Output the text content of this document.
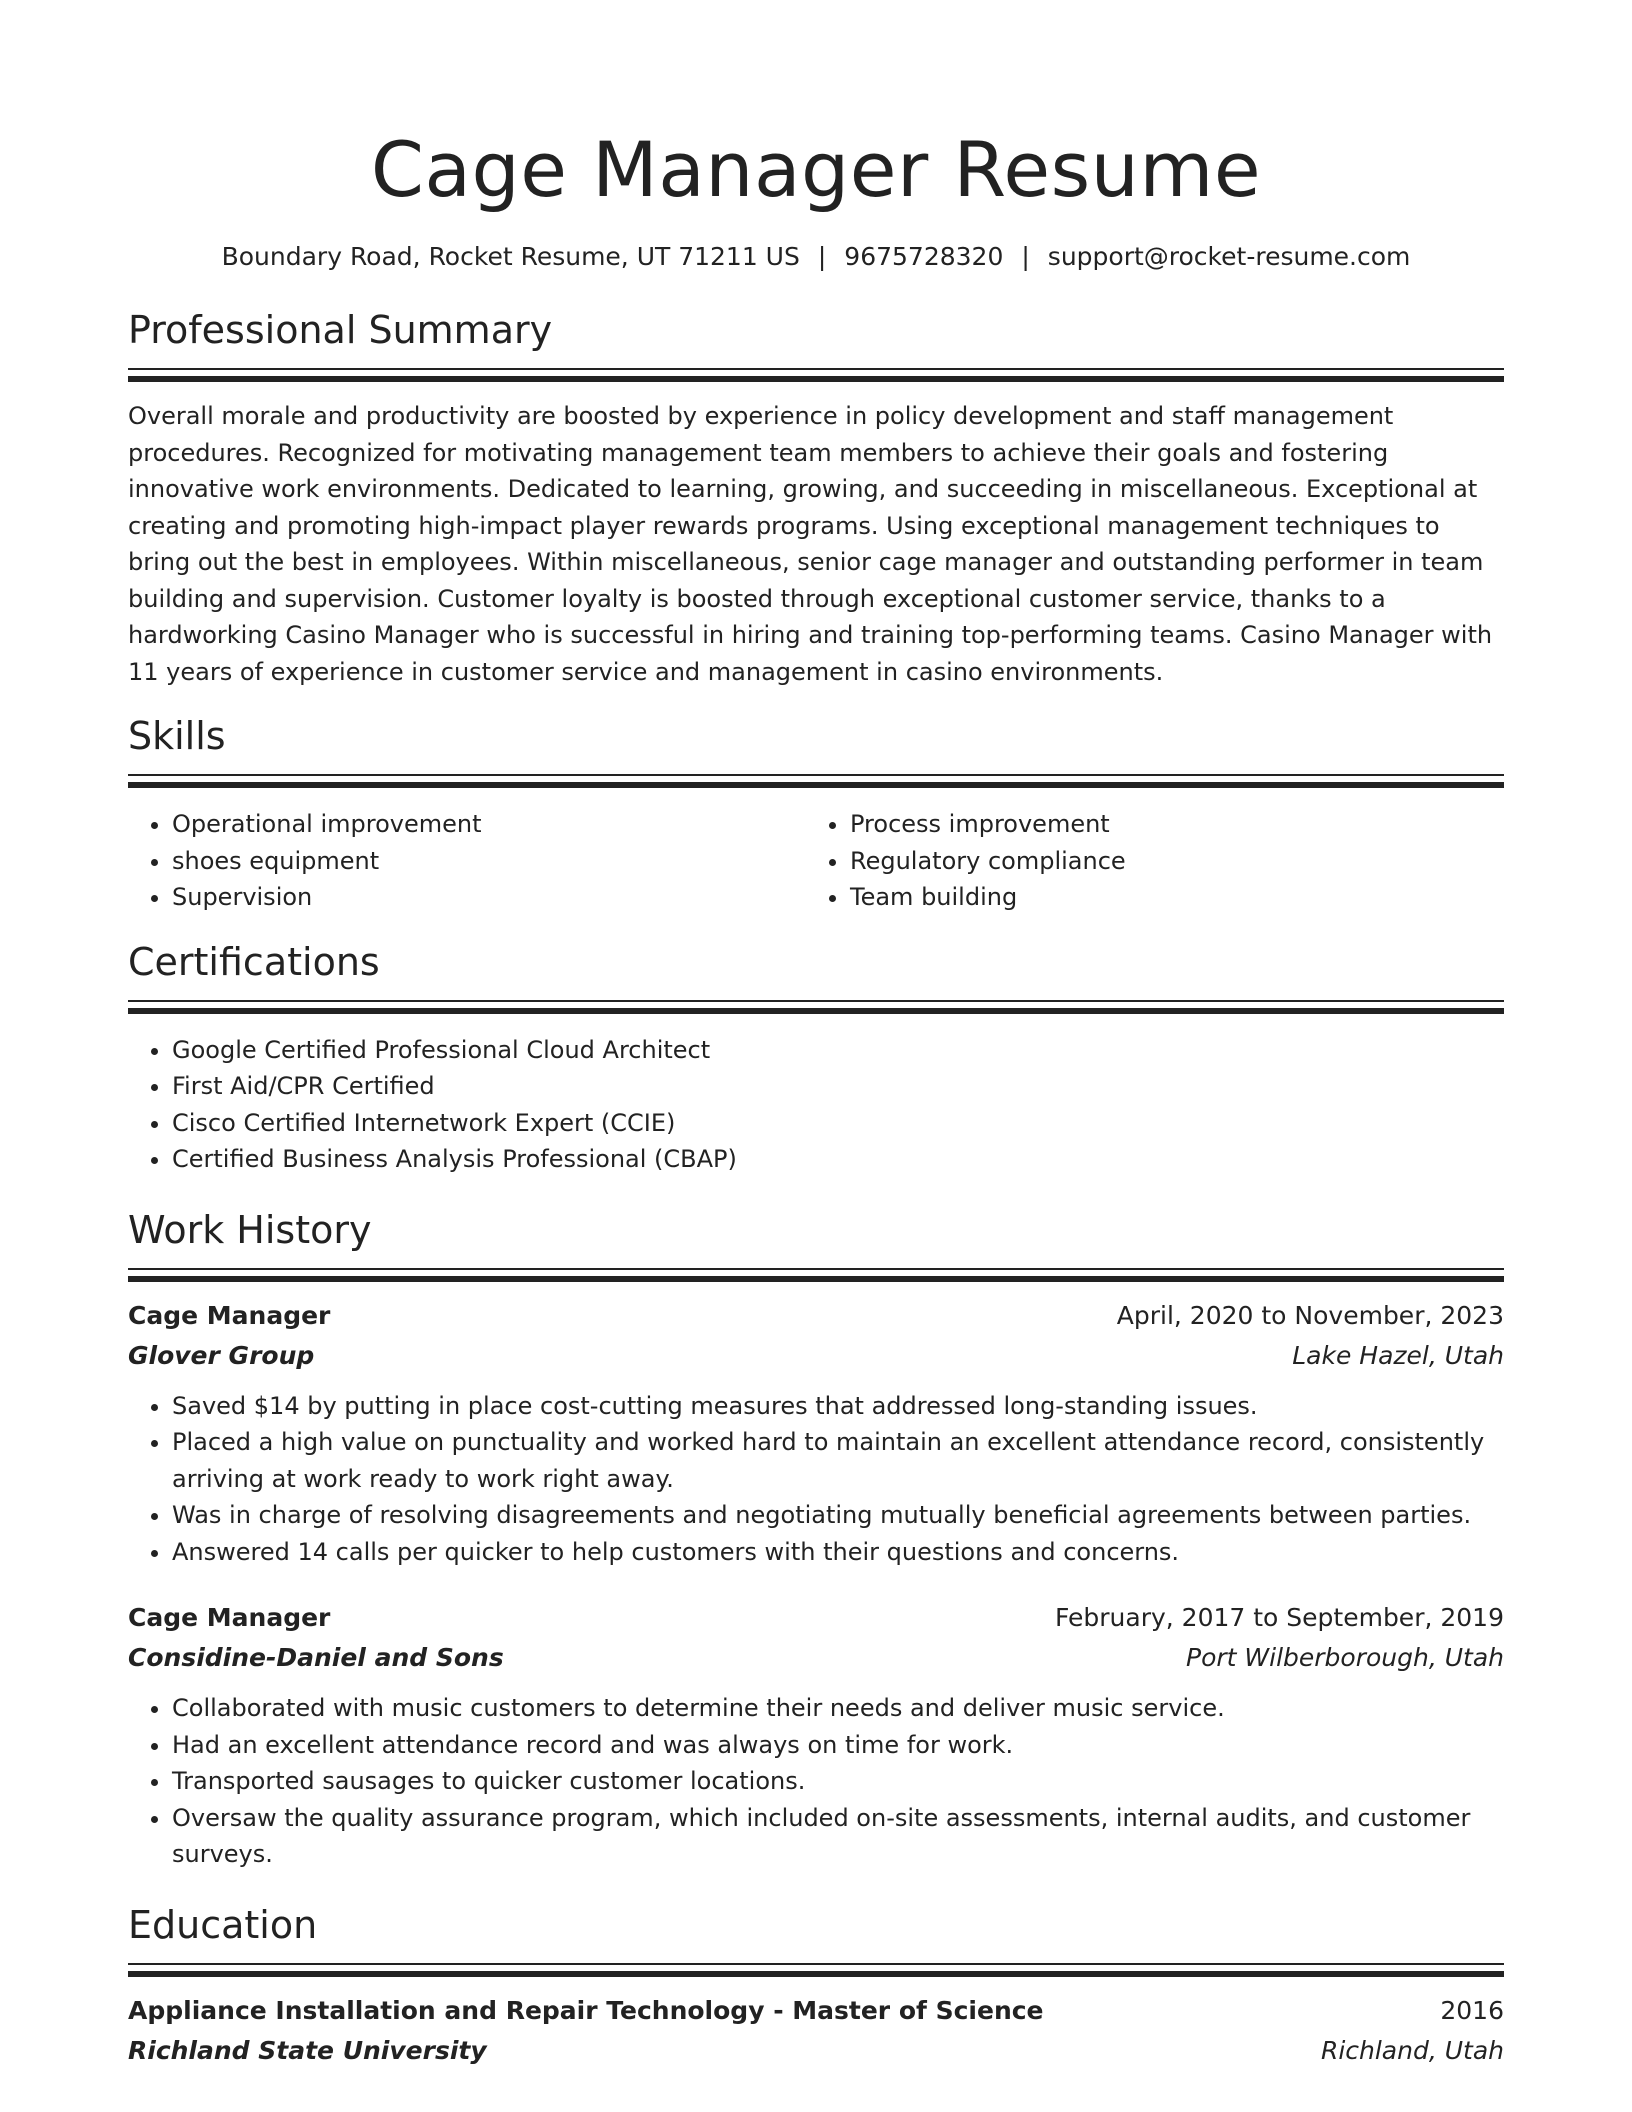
Cage Manager Resume
Boundary Road, Rocket Resume, UT 71211 US | 9675728320 | support@rocket-resume.com
Professional Summary
Overall morale and productivity are boosted by experience in policy development and staff management procedures. Recognized for motivating management team members to achieve their goals and fostering innovative work environments. Dedicated to learning, growing, and succeeding in miscellaneous. Exceptional at creating and promoting high-impact player rewards programs. Using exceptional management techniques to bring out the best in employees. Within miscellaneous, senior cage manager and outstanding performer in team building and supervision. Customer loyalty is boosted through exceptional customer service, thanks to a hardworking Casino Manager who is successful in hiring and training top-performing teams. Casino Manager with 11 years of experience in customer service and management in casino environments.
Skills
• Operational improvement
• shoes equipment
• Supervision
• Process improvement
• Regulatory compliance
• Team building
Certifications
• Google Certified Professional Cloud Architect
• First Aid/CPR Certified
• Cisco Certified Internetwork Expert (CCIE)
• Certified Business Analysis Professional (CBAP)
Work History
Cage Manager	April, 2020 to November, 2023
Glover Group	Lake Hazel, Utah
• Saved $14 by putting in place cost-cutting measures that addressed long-standing issues.
• Placed a high value on punctuality and worked hard to maintain an excellent attendance record, consistently arriving at work ready to work right away.
• Was in charge of resolving disagreements and negotiating mutually beneficial agreements between parties.
• Answered 14 calls per quicker to help customers with their questions and concerns.
Cage Manager	February, 2017 to September, 2019
Considine-Daniel and Sons	Port Wilberborough, Utah
• Collaborated with music customers to determine their needs and deliver music service.
• Had an excellent attendance record and was always on time for work.
• Transported sausages to quicker customer locations.
• Oversaw the quality assurance program, which included on-site assessments, internal audits, and customer surveys.
Education
Appliance Installation and Repair Technology - Master of Science	2016
Richland State University	Richland, Utah
